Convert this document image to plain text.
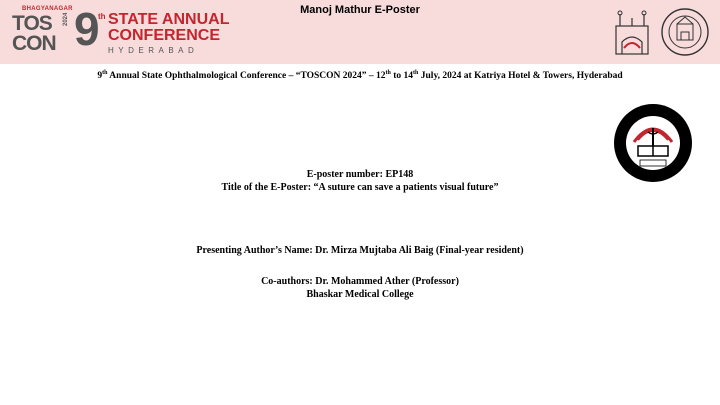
BHAGYANAGAR
TOS
CON
2024 9
th STATE ANNUAL
CONFERENCE
HYDERABAD
Manoj Mathur E-Poster
9th Annual State Ophthalmological Conference – “TOSCON 2024” – 12th to 14th July, 2024 at Katriya Hotel & Towers, Hyderabad
E-poster number: EP148
Title of the E-Poster: “A suture can save a patients visual future”
Presenting Author’s Name: Dr. Mirza Mujtaba Ali Baig (Final-year resident)
Co-authors: Dr. Mohammed Ather (Professor)
Bhaskar Medical College
